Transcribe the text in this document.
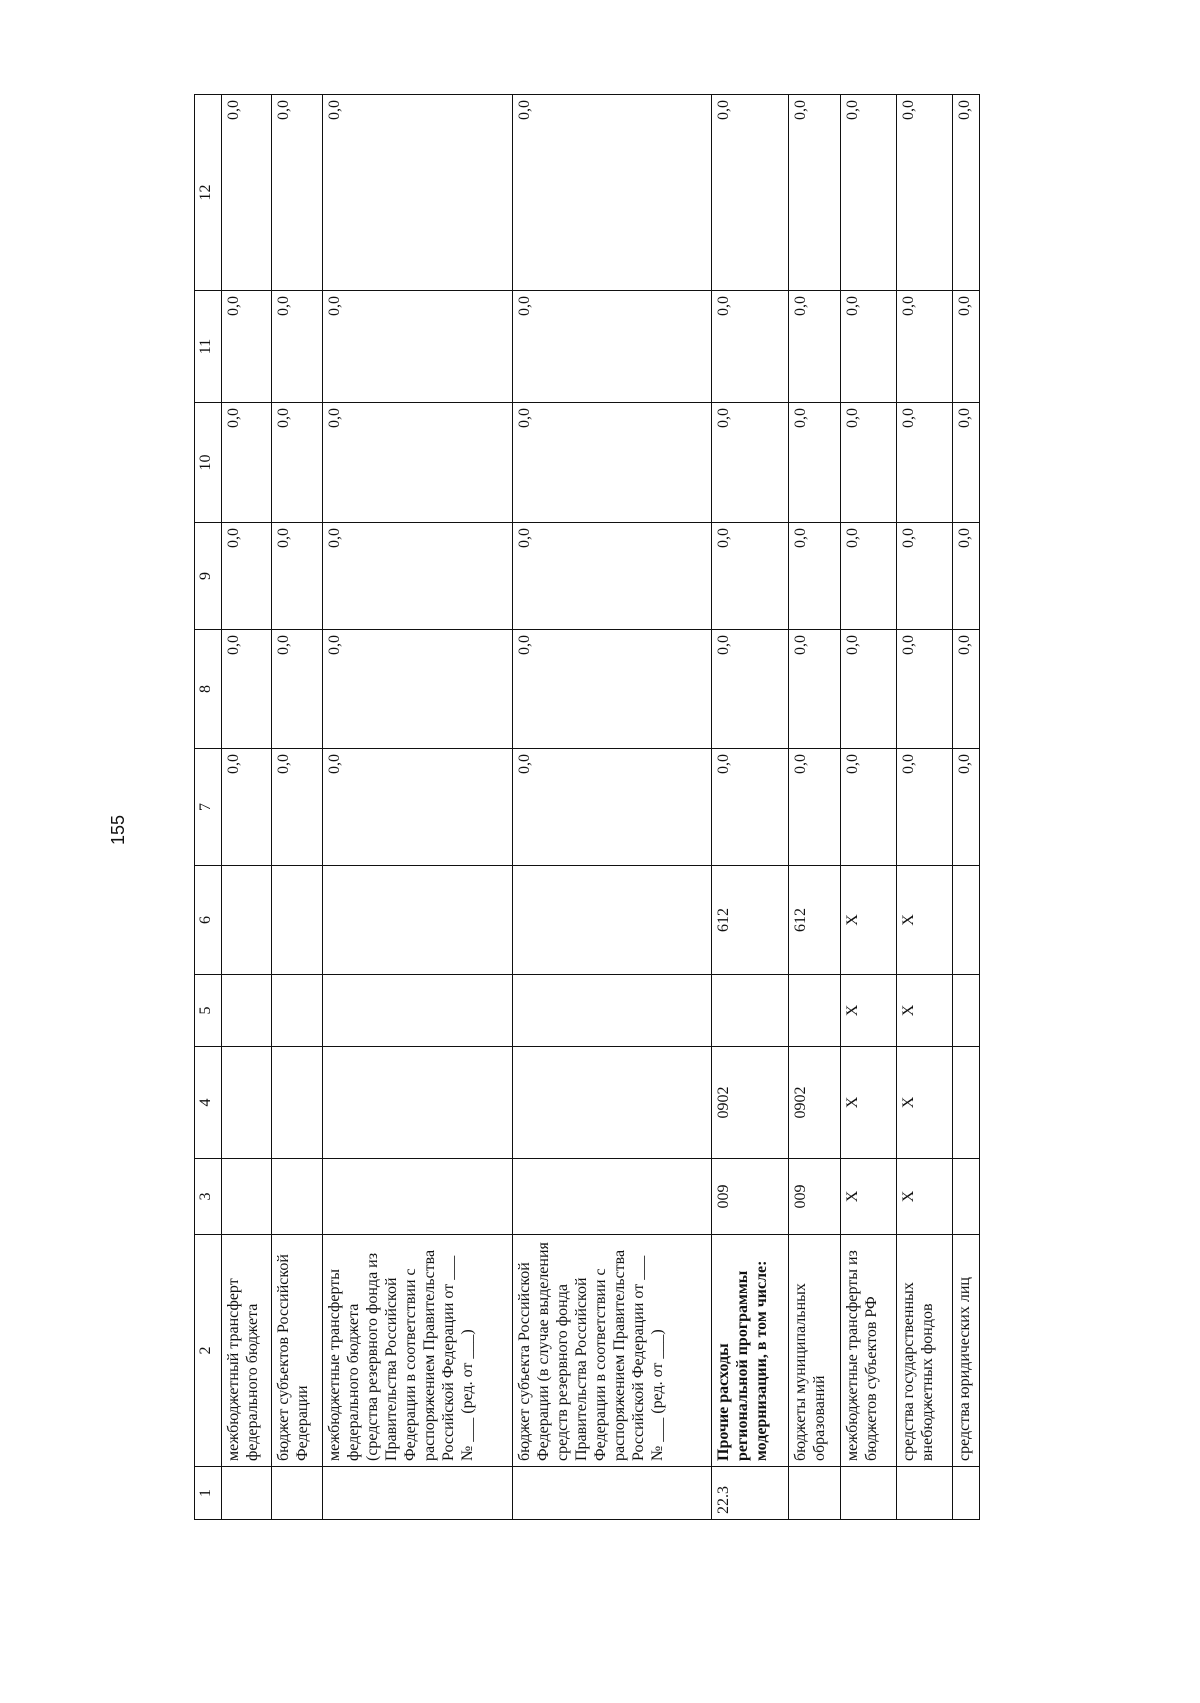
155
1	2	3	4	5	6	7	8	9	10	11	12
	межбюджетный трансферт федерального бюджета					0,0	0,0	0,0	0,0	0,0	0,0
	бюджет субъектов Российской Федерации					0,0	0,0	0,0	0,0	0,0	0,0
	межбюджетные трансферты федерального бюджета (средства резервного фонда из Правительства Российской Федерации в соответствии с распоряжением Правительства Российской Федерации от ___ № ___ (ред. от ___)					0,0	0,0	0,0	0,0	0,0	0,0
	бюджет субъекта Российской Федерации (в случае выделения средств резервного фонда Правительства Российской Федерации в соответствии с распоряжением Правительства Российской Федерации от ___ № ___ (ред. от ___)					0,0	0,0	0,0	0,0	0,0	0,0
22.3	Прочие расходы региональной программы модернизации, в том числе:	009	0902		612	0,0	0,0	0,0	0,0	0,0	0,0
	бюджеты муниципальных образований	009	0902		612	0,0	0,0	0,0	0,0	0,0	0,0
	межбюджетные трансферты из бюджетов субъектов РФ	X	X	X	X	0,0	0,0	0,0	0,0	0,0	0,0
	средства государственных внебюджетных фондов	X	X	X	X	0,0	0,0	0,0	0,0	0,0	0,0
	средства юридических лиц					0,0	0,0	0,0	0,0	0,0	0,0
